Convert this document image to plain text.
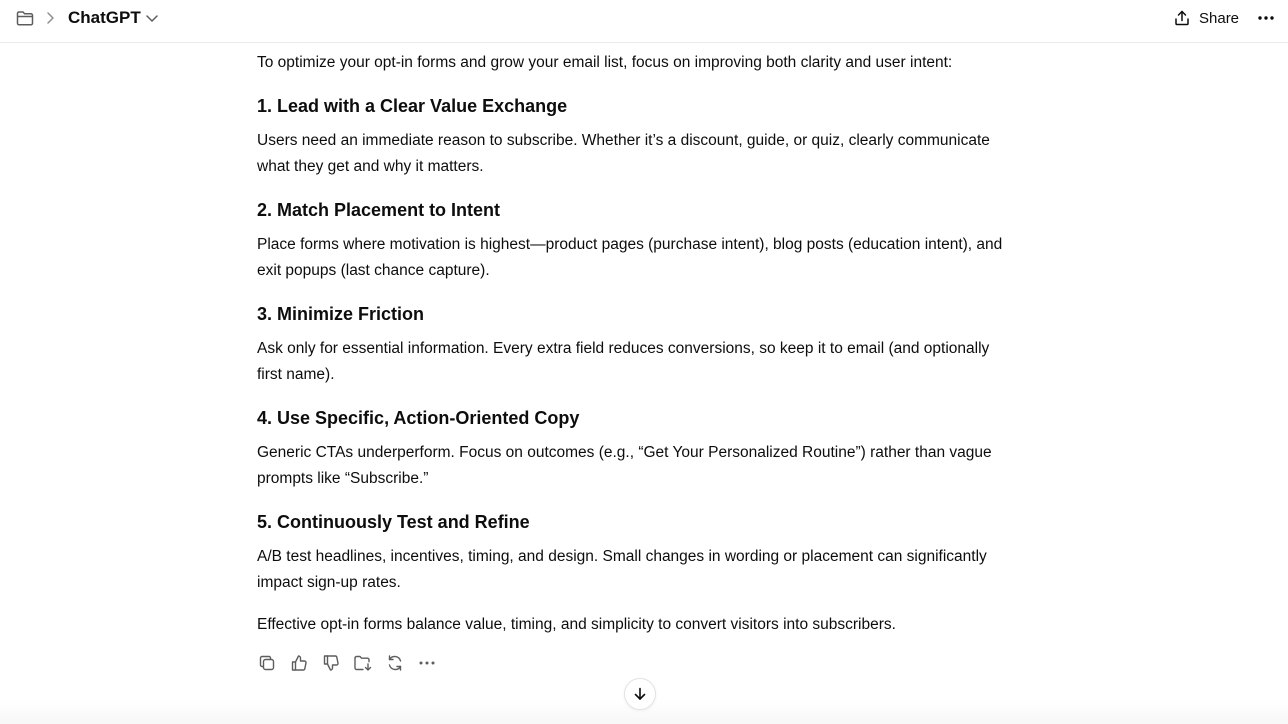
ChatGPT	Share
To optimize your opt-in forms and grow your email list, focus on improving both clarity and user intent:
1. Lead with a Clear Value Exchange
Users need an immediate reason to subscribe. Whether it’s a discount, guide, or quiz, clearly communicate what they get and why it matters.
2. Match Placement to Intent
Place forms where motivation is highest—product pages (purchase intent), blog posts (education intent), and exit popups (last chance capture).
3. Minimize Friction
Ask only for essential information. Every extra field reduces conversions, so keep it to email (and optionally first name).
4. Use Specific, Action-Oriented Copy
Generic CTAs underperform. Focus on outcomes (e.g., “Get Your Personalized Routine”) rather than vague prompts like “Subscribe.”
5. Continuously Test and Refine
A/B test headlines, incentives, timing, and design. Small changes in wording or placement can significantly impact sign-up rates.
Effective opt-in forms balance value, timing, and simplicity to convert visitors into subscribers.
